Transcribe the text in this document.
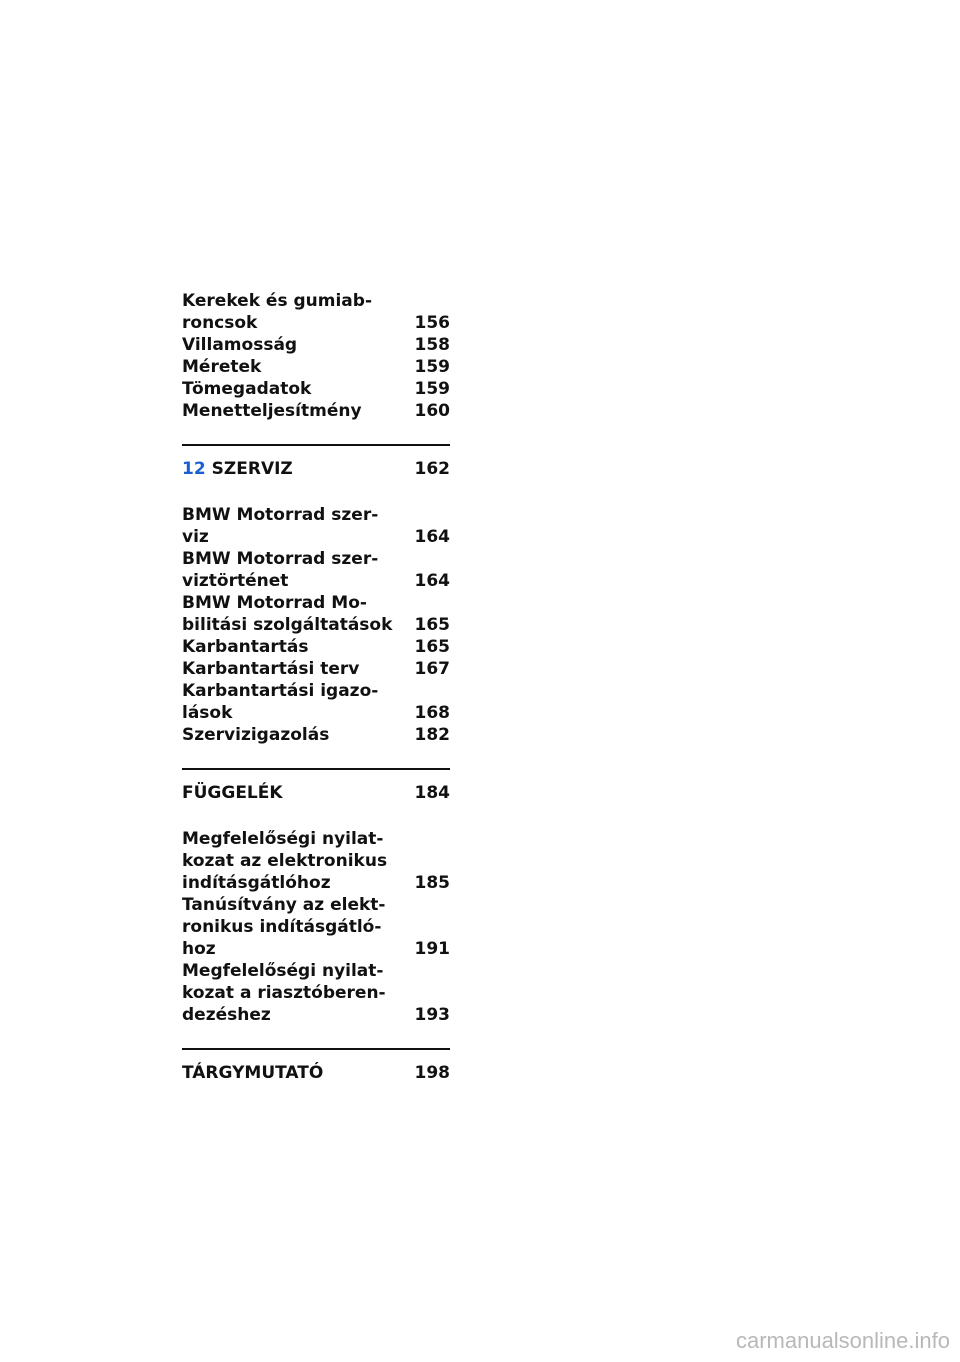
Kerekek és gumiab-
roncsok	156
Villamosság	158
Méretek	159
Tömegadatok	159
Menetteljesítmény	160
12 SZERVIZ	162
BMW Motorrad szer-
viz	164
BMW Motorrad szer-
viztörténet	164
BMW Motorrad Mo-
bilitási szolgáltatások 165
Karbantartás	165
Karbantartási terv	167
Karbantartási igazo-
lások	168
Szervizigazolás	182
FÜGGELÉK	184
Megfelelőségi nyilat-
kozat az elektronikus
indításgátlóhoz	185
Tanúsítvány az elekt-
ronikus indításgátló-
hoz	191
Megfelelőségi nyilat-
kozat a riasztóberen-
dezéshez	193
TÁRGYMUTATÓ	198
carmanualsonline.info
